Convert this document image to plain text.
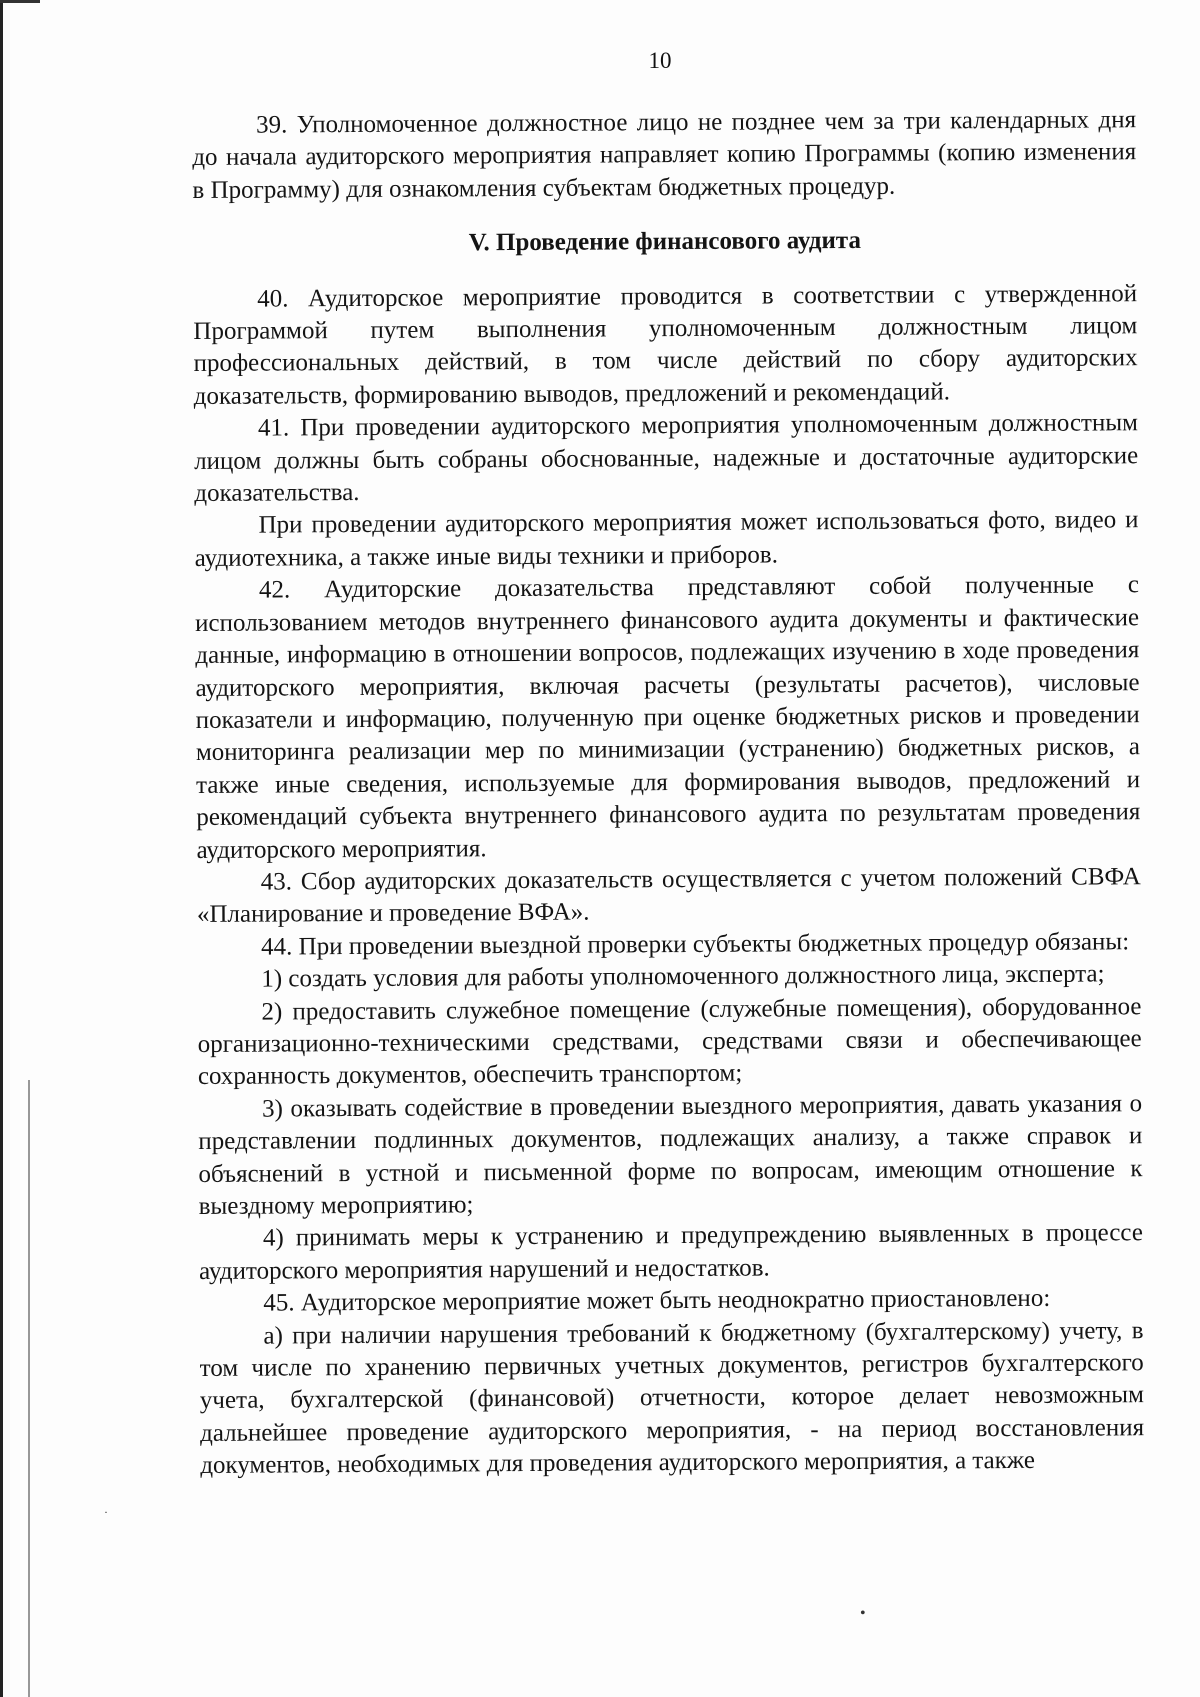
10

39. Уполномоченное должностное лицо не позднее чем за три календарных дня до начала аудиторского мероприятия направляет копию Программы (копию изменения в Программу) для ознакомления субъектам бюджетных процедур.

V. Проведение финансового аудита

40. Аудиторское мероприятие проводится в соответствии с утвержденной Программой путем выполнения уполномоченным должностным лицом профессиональных действий, в том числе действий по сбору аудиторских доказательств, формированию выводов, предложений и рекомендаций.

41. При проведении аудиторского мероприятия уполномоченным должностным лицом должны быть собраны обоснованные, надежные и достаточные аудиторские доказательства.

При проведении аудиторского мероприятия может использоваться фото, видео и аудиотехника, а также иные виды техники и приборов.

42. Аудиторские доказательства представляют собой полученные с использованием методов внутреннего финансового аудита документы и фактические данные, информацию в отношении вопросов, подлежащих изучению в ходе проведения аудиторского мероприятия, включая расчеты (результаты расчетов), числовые показатели и информацию, полученную при оценке бюджетных рисков и проведении мониторинга реализации мер по минимизации (устранению) бюджетных рисков, а также иные сведения, используемые для формирования выводов, предложений и рекомендаций субъекта внутреннего финансового аудита по результатам проведения аудиторского мероприятия.

43. Сбор аудиторских доказательств осуществляется с учетом положений СВФА «Планирование и проведение ВФА».

44. При проведении выездной проверки субъекты бюджетных процедур обязаны:

1) создать условия для работы уполномоченного должностного лица, эксперта;

2) предоставить служебное помещение (служебные помещения), оборудованное организационно-техническими средствами, средствами связи и обеспечивающее сохранность документов, обеспечить транспортом;

3) оказывать содействие в проведении выездного мероприятия, давать указания о представлении подлинных документов, подлежащих анализу, а также справок и объяснений в устной и письменной форме по вопросам, имеющим отношение к выездному мероприятию;

4) принимать меры к устранению и предупреждению выявленных в процессе аудиторского мероприятия нарушений и недостатков.

45. Аудиторское мероприятие может быть неоднократно приостановлено:

а) при наличии нарушения требований к бюджетному (бухгалтерскому) учету, в том числе по хранению первичных учетных документов, регистров бухгалтерского учета, бухгалтерской (финансовой) отчетности, которое делает невозможным дальнейшее проведение аудиторского мероприятия, - на период восстановления документов, необходимых для проведения аудиторского мероприятия, а также

•
·
